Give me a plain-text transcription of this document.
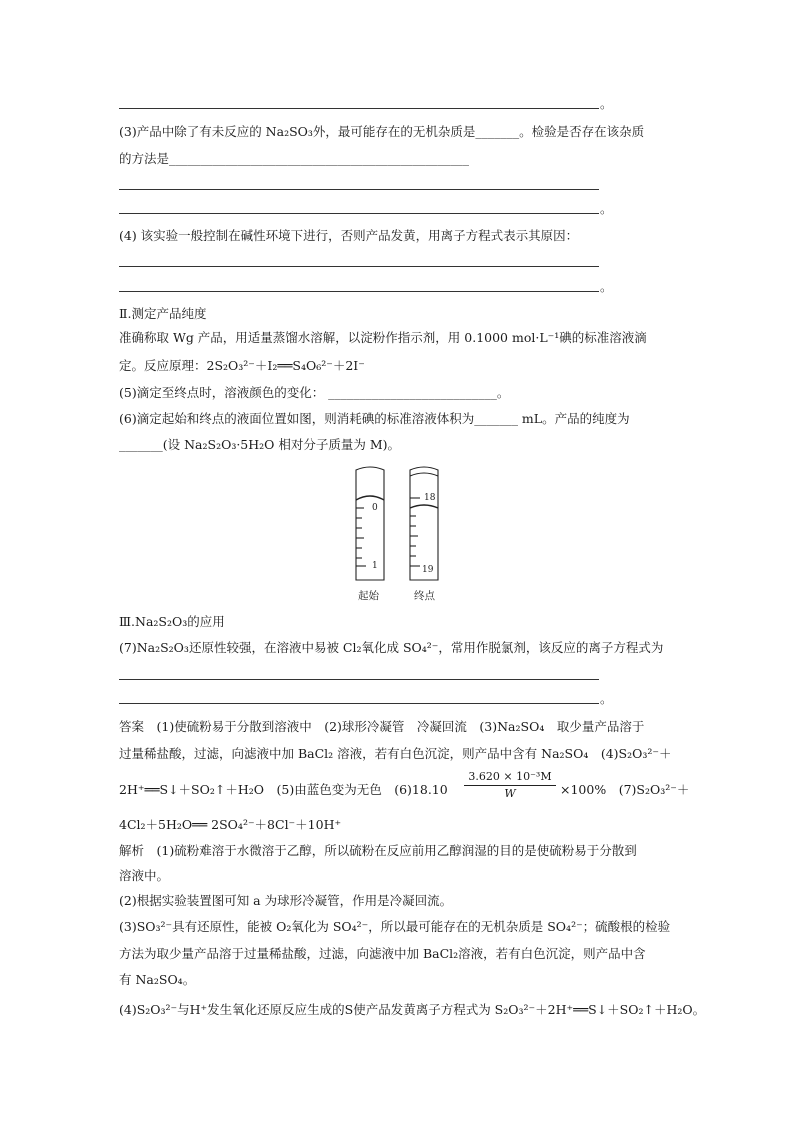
。
(3)产品中除了有未反应的 Na₂SO₃外，最可能存在的无机杂质是_______。检验是否存在该杂质
的方法是________________________________________________
。
(4) 该实验一般控制在碱性环境下进行，否则产品发黄，用离子方程式表示其原因：
。
Ⅱ.测定产品纯度
准确称取 Wg 产品，用适量蒸馏水溶解，以淀粉作指示剂，用 0.1000 mol·L⁻¹碘的标准溶液滴
定。反应原理：2S₂O₃²⁻＋I₂══S₄O₆²⁻＋2I⁻
(5)滴定至终点时，溶液颜色的变化： ___________________________。
(6)滴定起始和终点的液面位置如图，则消耗碘的标准溶液体积为_______ mL。产品的纯度为
_______(设 Na₂S₂O₃·5H₂O 相对分子质量为 M)。
0
1
18
19
起始	终点
Ⅲ.Na₂S₂O₃的应用
(7)Na₂S₂O₃还原性较强，在溶液中易被 Cl₂氧化成 SO₄²⁻，常用作脱氯剂，该反应的离子方程式为
。
答案　(1)使硫粉易于分散到溶液中　(2)球形冷凝管　冷凝回流　(3)Na₂SO₄　取少量产品溶于
过量稀盐酸，过滤，向滤液中加 BaCl₂ 溶液，若有白色沉淀，则产品中含有 Na₂SO₄　(4)S₂O₃²⁻＋
2H⁺══S↓＋SO₂↑＋H₂O　(5)由蓝色变为无色　(6)18.10
3.620 × 10⁻³M
W	×100%　(7)S₂O₃²⁻＋
4Cl₂＋5H₂O══ 2SO₄²⁻＋8Cl⁻＋10H⁺
解析　(1)硫粉难溶于水微溶于乙醇，所以硫粉在反应前用乙醇润湿的目的是使硫粉易于分散到
溶液中。
(2)根据实验装置图可知 a 为球形冷凝管，作用是冷凝回流。
(3)SO₃²⁻具有还原性，能被 O₂氧化为 SO₄²⁻，所以最可能存在的无机杂质是 SO₄²⁻；硫酸根的检验
方法为取少量产品溶于过量稀盐酸，过滤，向滤液中加 BaCl₂溶液，若有白色沉淀，则产品中含
有 Na₂SO₄。
(4)S₂O₃²⁻与H⁺发生氧化还原反应生成的S使产品发黄离子方程式为 S₂O₃²⁻＋2H⁺══S↓＋SO₂↑＋H₂O。
